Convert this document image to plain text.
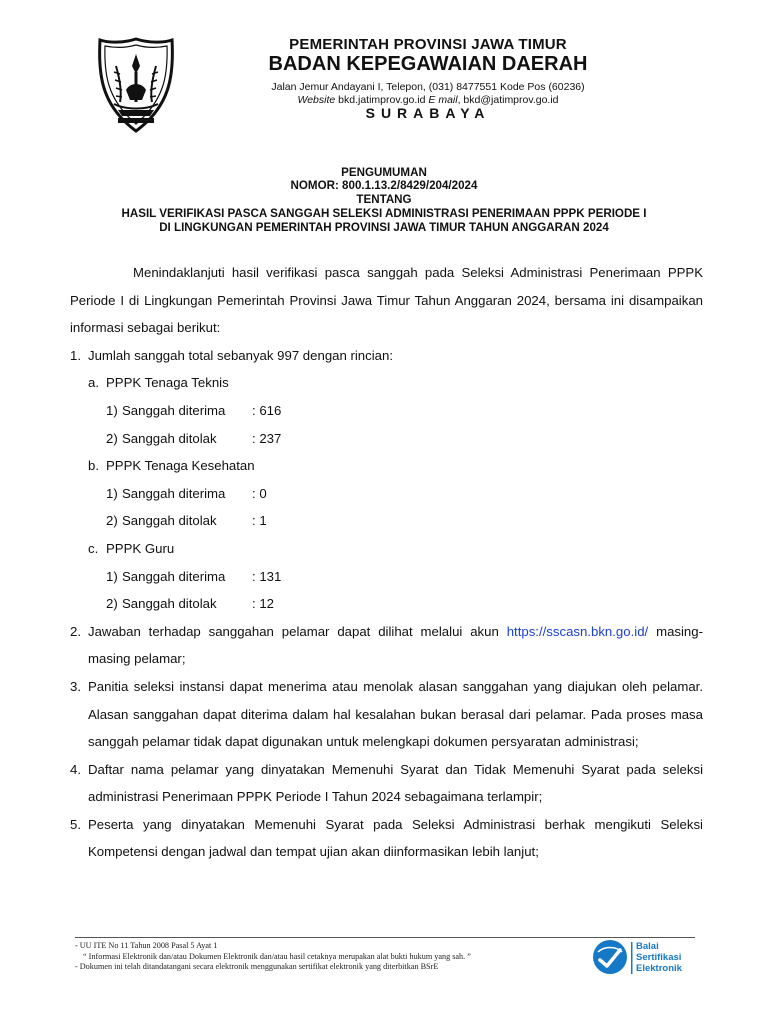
PEMERINTAH PROVINSI JAWA TIMUR
BADAN KEPEGAWAIAN DAERAH
Jalan Jemur Andayani I, Telepon, (031) 8477551 Kode Pos (60236)
Website bkd.jatimprov.go.id E mail, bkd@jatimprov.go.id
SURABAYA
PENGUMUMAN
NOMOR: 800.1.13.2/8429/204/2024
TENTANG
HASIL VERIFIKASI PASCA SANGGAH SELEKSI ADMINISTRASI PENERIMAAN PPPK PERIODE I
DI LINGKUNGAN PEMERINTAH PROVINSI JAWA TIMUR TAHUN ANGGARAN 2024

Menindaklanjuti hasil verifikasi pasca sanggah pada Seleksi Administrasi Penerimaan PPPK Periode I di Lingkungan Pemerintah Provinsi Jawa Timur Tahun Anggaran 2024, bersama ini disampaikan informasi sebagai berikut:

1. Jumlah sanggah total sebanyak 997 dengan rincian:
a. PPPK Tenaga Teknis
1) Sanggah diterima : 616
2) Sanggah ditolak	: 237
b. PPPK Tenaga Kesehatan
1) Sanggah diterima : 0
2) Sanggah ditolak	: 1
c. PPPK Guru
1) Sanggah diterima : 131
2) Sanggah ditolak	: 12
2. Jawaban terhadap sanggahan pelamar dapat dilihat melalui akun https://sscasn.bkn.go.id/ masing-masing pelamar;
3. Panitia seleksi instansi dapat menerima atau menolak alasan sanggahan yang diajukan oleh pelamar. Alasan sanggahan dapat diterima dalam hal kesalahan bukan berasal dari pelamar. Pada proses masa sanggah pelamar tidak dapat digunakan untuk melengkapi dokumen persyaratan administrasi;
4. Daftar nama pelamar yang dinyatakan Memenuhi Syarat dan Tidak Memenuhi Syarat pada seleksi administrasi Penerimaan PPPK Periode I Tahun 2024 sebagaimana terlampir;
5. Peserta yang dinyatakan Memenuhi Syarat pada Seleksi Administrasi berhak mengikuti Seleksi Kompetensi dengan jadwal dan tempat ujian akan diinformasikan lebih lanjut;
- UU ITE No 11 Tahun 2008 Pasal 5 Ayat 1
“ Informasi Elektronik dan/atau Dokumen Elektronik dan/atau hasil cetaknya merupakan alat bukti hukum yang sah. ”
- Dokumen ini telah ditandatangani secara elektronik menggunakan sertifikat elektronik yang diterbitkan BSrE
Balai
Sertifikasi
Elektronik
